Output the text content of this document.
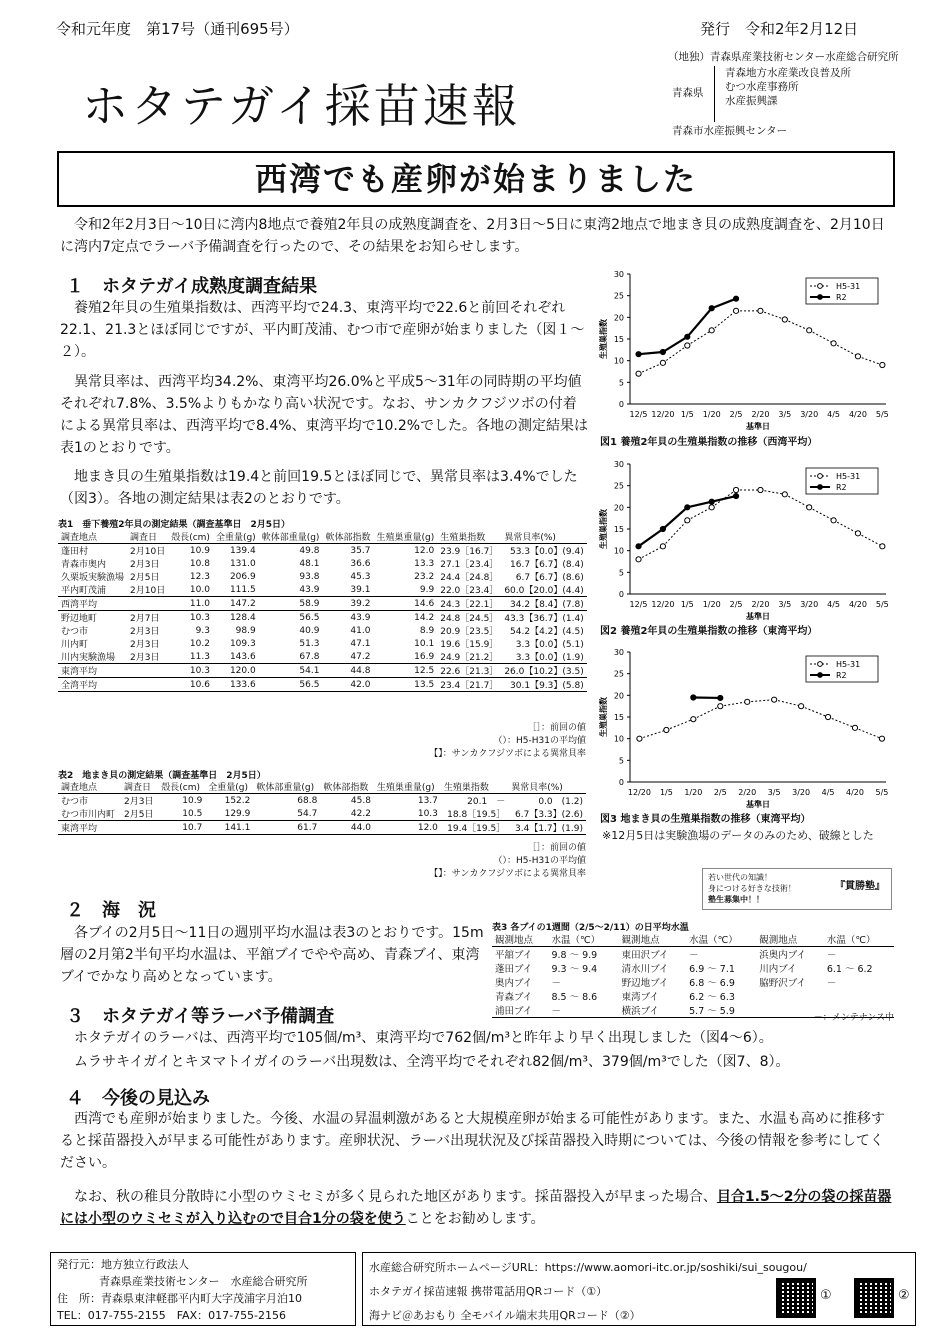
令和元年度　第17号（通刊695号）	発行　令和2年2月12日
ホタテガイ採苗速報
（地独）青森県産業技術センター水産総合研究所
青森県
青森地方水産業改良普及所
むつ水産事務所
水産振興課
青森市水産振興センター
西湾でも産卵が始まりました
令和2年2月3日～10日に湾内8地点で養殖2年貝の成熟度調査を、2月3日～5日に東湾2地点で地まき貝の成熟度調査を、2月10日に湾内7定点でラーバ予備調査を行ったので、その結果をお知らせします。
１　ホタテガイ成熟度調査結果
養殖2年貝の生殖巣指数は、西湾平均で24.3、東湾平均で22.6と前回それぞれ22.1、21.3とほぼ同じですが、平内町茂浦、むつ市で産卵が始まりました（図１～２）。
異常貝率は、西湾平均34.2%、東湾平均26.0%と平成5～31年の同時期の平均値それぞれ7.8%、3.5%よりもかなり高い状況です。なお、サンカクフジツボの付着による異常貝率は、西湾平均で8.4%、東湾平均で10.2%でした。各地の測定結果は表1のとおりです。
地まき貝の生殖巣指数は19.4と前回19.5とほぼ同じで、異常貝率は3.4%でした（図3）。各地の測定結果は表2のとおりです。
表1　垂下養殖2年貝の測定結果（調査基準日　2月5日）
調査地点	調査日	殻長(cm)	全重量(g)	軟体部重量(g)	軟体部指数	生殖巣重量(g)	生殖巣指数	異常貝率(%)
蓬田村	2月10日	10.9	139.4	49.8	35.7	12.0	23.9［16.7］	53.3【0.0】(9.4)
青森市奥内	2月3日	10.8	131.0	48.1	36.6	13.3	27.1［23.4］	16.7【6.7】(8.4)
久栗坂実験漁場	2月5日	12.3	206.9	93.8	45.3	23.2	24.4［24.8］	6.7【6.7】(8.6)
平内町茂浦	2月10日	10.0	111.5	43.9	39.1	9.9	22.0［23.4］	60.0【20.0】(4.4)
西湾平均		11.0	147.2	58.9	39.2	14.6	24.3［22.1］	34.2【8.4】(7.8)
野辺地町	2月7日	10.3	128.4	56.5	43.9	14.2	24.8［24.5］	43.3【36.7】(1.4)
むつ市	2月3日	9.3	98.9	40.9	41.0	8.9	20.9［23.5］	54.2【4.2】(4.5)
川内町	2月3日	10.2	109.3	51.3	47.1	10.1	19.6［15.9］	3.3【0.0】(5.1)
川内実験漁場	2月3日	11.3	143.6	67.8	47.2	16.9	24.9［21.2］	3.3【0.0】(1.9)
東湾平均		10.3	120.0	54.1	44.8	12.5	22.6［21.3］	26.0【10.2】(3.5)
全湾平均		10.6	133.6	56.5	42.0	13.5	23.4［21.7］	30.1【9.3】(5.8)
［］：前回の値
（）：H5-H31の平均値
【】：サンカクフジツボによる異常貝率
表2　地まき貝の測定結果（調査基準日　2月5日）
調査地点	調査日	殻長(cm)	全重量(g)	軟体部重量(g)	軟体部指数	生殖巣重量(g)	生殖巣指数	異常貝率(%)
むつ市	2月3日	10.9	152.2	68.8	45.8	13.7	20.1　－	0.0　(1.2)
むつ市川内町	2月5日	10.5	129.9	54.7	42.2	10.3	18.8［19.5］	6.7【3.3】(2.6)
東湾平均		10.7	141.1	61.7	44.0	12.0	19.4［19.5］	3.4【1.7】(1.9)
［］：前回の値
（）：H5-H31の平均値
【】：サンカクフジツボによる異常貝率
0
5
10
15
20
25
30
12/5 12/20 1/5 1/20 2/5 2/20 3/5 3/20 4/5 4/20 5/5
基準日
生殖巣指数
H5-31
R2
図1 養殖2年貝の生殖巣指数の推移（西湾平均）
0
5
10
15
20
25
30
12/5 12/20 1/5 1/20 2/5 2/20 3/5 3/20 4/5 4/20 5/5
基準日
生殖巣指数
H5-31
R2
図2 養殖2年貝の生殖巣指数の推移（東湾平均）
0
5
10
15
20
25
30
12/20 1/5 1/20 2/5 2/20 3/5 3/20 4/5 4/20 5/5
基準日
生殖巣指数
H5-31
R2
図3 地まき貝の生殖巣指数の推移（東湾平均）
※12月5日は実験漁場のデータのみのため、破線とした
若い世代の知識！
身につける好きな技術！
塾生募集中！！
『貫勝塾』
２　海　況
各ブイの2月5日～11日の週別平均水温は表3のとおりです。15m層の2月第2半旬平均水温は、平舘ブイでやや高め、青森ブイ、東湾ブイでかなり高めとなっています。
表3 各ブイの1週間（2/5～2/11）の日平均水温
観測地点	水温（℃）	観測地点	水温（℃）	観測地点	水温（℃）
平舘ブイ	9.8 ～ 9.9	東田沢ブイ	－	浜奥内ブイ	－
蓬田ブイ	9.3 ～ 9.4	清水川ブイ	6.9 ～ 7.1	川内ブイ	6.1 ～ 6.2
奥内ブイ	－	野辺地ブイ	6.8 ～ 6.9	脇野沢ブイ	－
青森ブイ	8.5 ～ 8.6	東湾ブイ	6.2 ～ 6.3		
浦田ブイ	－	横浜ブイ	5.7 ～ 5.9		
－：メンテナンス中
３　ホタテガイ等ラーバ予備調査
ホタテガイのラーバは、西湾平均で105個/m³、東湾平均で762個/m³と昨年より早く出現しました（図4～6）。
ムラサキイガイとキヌマトイガイのラーバ出現数は、全湾平均でそれぞれ82個/m³、379個/m³でした（図7、8）。
４　今後の見込み
西湾でも産卵が始まりました。今後、水温の昇温刺激があると大規模産卵が始まる可能性があります。また、水温も高めに推移すると採苗器投入が早まる可能性があります。産卵状況、ラーバ出現状況及び採苗器投入時期については、今後の情報を参考にしてください。
なお、秋の稚貝分散時に小型のウミセミが多く見られた地区があります。採苗器投入が早まった場合、目合1.5～2分の袋の採苗器には小型のウミセミが入り込むので目合1分の袋を使うことをお勧めします。
発行元：地方独立行政法人
青森県産業技術センター　水産総合研究所
住　所：青森県東津軽郡平内町大字茂浦字月泊10
TEL：017-755-2155　FAX：017-755-2156
水産総合研究所ホームページURL：https://www.aomori-itc.or.jp/soshiki/sui_sougou/
ホタテガイ採苗速報 携帯電話用QRコード（①）
海ナビ＠あおもり 全モバイル端末共用QRコード（②）
①	②
